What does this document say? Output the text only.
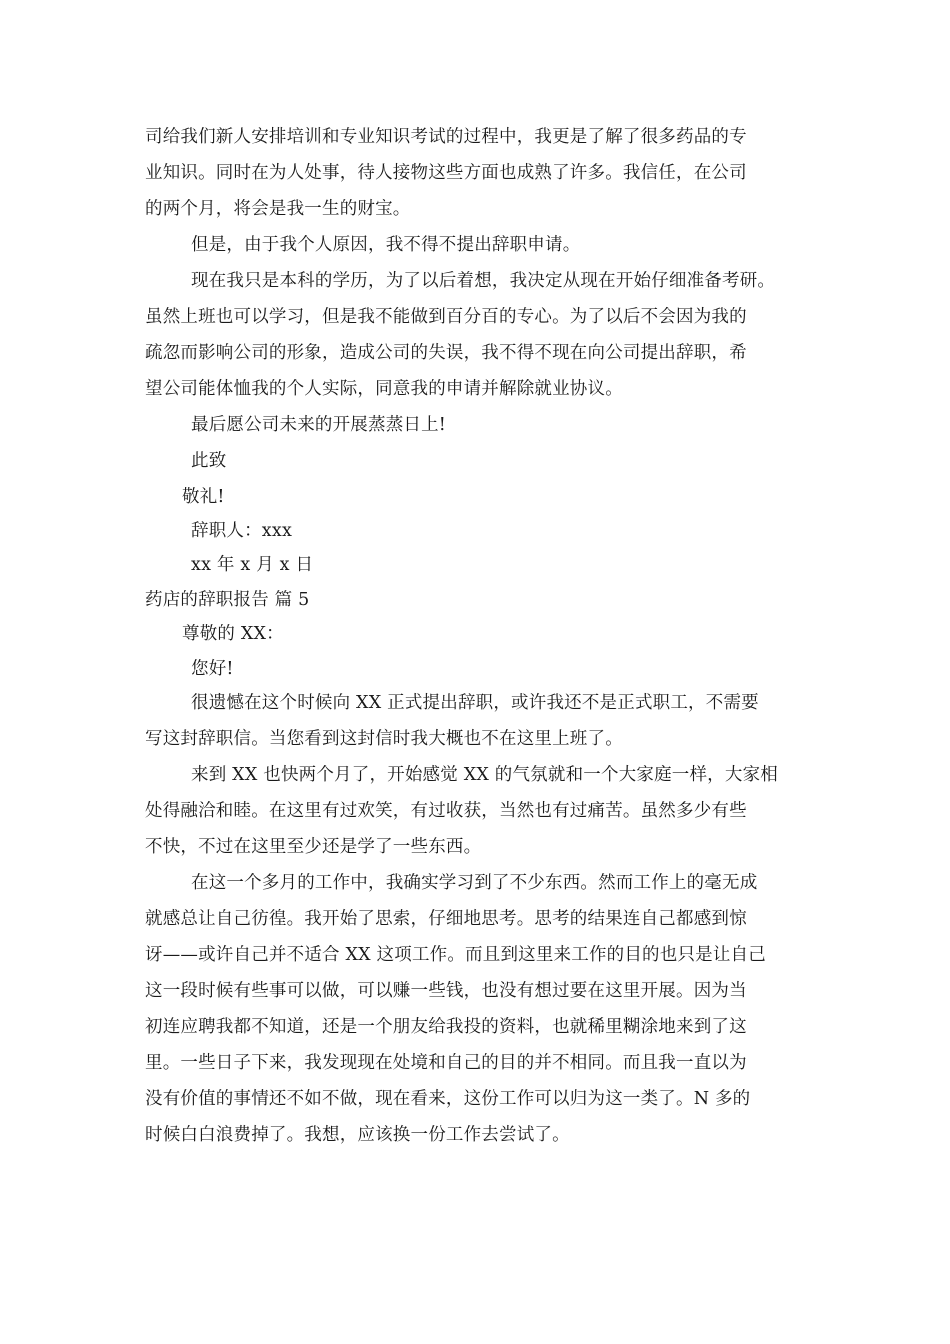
司给我们新人安排培训和专业知识考试的过程中，我更是了解了很多药品的专
业知识。同时在为人处事，待人接物这些方面也成熟了许多。我信任，在公司
的两个月，将会是我一生的财宝。
但是，由于我个人原因，我不得不提出辞职申请。
现在我只是本科的学历，为了以后着想，我决定从现在开始仔细准备考研。
虽然上班也可以学习，但是我不能做到百分百的专心。为了以后不会因为我的
疏忽而影响公司的形象，造成公司的失误，我不得不现在向公司提出辞职，希
望公司能体恤我的个人实际，同意我的申请并解除就业协议。
最后愿公司未来的开展蒸蒸日上!
此致
敬礼!
辞职人：xxx
xx 年 x 月 x 日
药店的辞职报告 篇 5
尊敬的 XX：
您好!
很遗憾在这个时候向 XX 正式提出辞职，或许我还不是正式职工，不需要
写这封辞职信。当您看到这封信时我大概也不在这里上班了。
来到 XX 也快两个月了，开始感觉 XX 的气氛就和一个大家庭一样，大家相
处得融洽和睦。在这里有过欢笑，有过收获，当然也有过痛苦。虽然多少有些
不快，不过在这里至少还是学了一些东西。
在这一个多月的工作中，我确实学习到了不少东西。然而工作上的毫无成
就感总让自己彷徨。我开始了思索，仔细地思考。思考的结果连自己都感到惊
讶——或许自己并不适合 XX 这项工作。而且到这里来工作的目的也只是让自己
这一段时候有些事可以做，可以赚一些钱，也没有想过要在这里开展。因为当
初连应聘我都不知道，还是一个朋友给我投的资料，也就稀里糊涂地来到了这
里。一些日子下来，我发现现在处境和自己的目的并不相同。而且我一直以为
没有价值的事情还不如不做，现在看来，这份工作可以归为这一类了。N 多的
时候白白浪费掉了。我想，应该换一份工作去尝试了。
